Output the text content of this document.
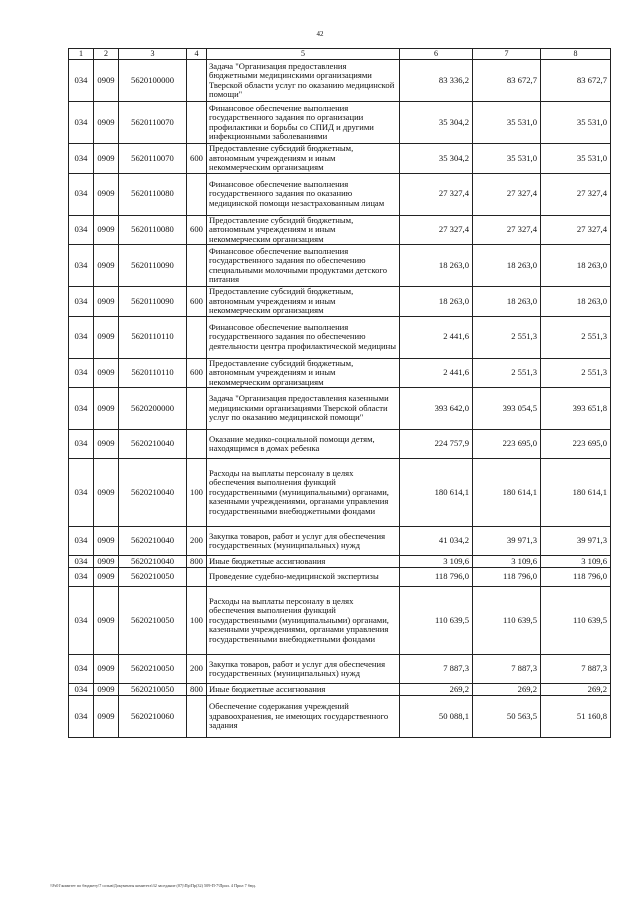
42
1	2	3	4	5	6	7	8
034	0909	5620100000		Задача "Организация предоставления бюджетными медицинскими организациями Тверской области услуг по оказанию медицинской помощи"	83 336,2	83 672,7	83 672,7
034	0909	5620110070		Финансовое обеспечение выполнения государственного задания по организации профилактики и борьбы со СПИД и другими инфекционными заболеваниями	35 304,2	35 531,0	35 531,0
034	0909	5620110070	600	Предоставление субсидий бюджетным, автономным учреждениям и иным некоммерческим организациям	35 304,2	35 531,0	35 531,0
034	0909	5620110080		Финансовое обеспечение выполнения государственного задания по оказанию медицинской помощи незастрахованным лицам	27 327,4	27 327,4	27 327,4
034	0909	5620110080	600	Предоставление субсидий бюджетным, автономным учреждениям и иным некоммерческим организациям	27 327,4	27 327,4	27 327,4
034	0909	5620110090		Финансовое обеспечение выполнения государственного задания по обеспечению специальными молочными продуктами детского питания	18 263,0	18 263,0	18 263,0
034	0909	5620110090	600	Предоставление субсидий бюджетным, автономным учреждениям и иным некоммерческим организациям	18 263,0	18 263,0	18 263,0
034	0909	5620110110		Финансовое обеспечение выполнения государственного задания по обеспечению деятельности центра профилактической медицины	2 441,6	2 551,3	2 551,3
034	0909	5620110110	600	Предоставление субсидий бюджетным, автономным учреждениям и иным некоммерческим организациям	2 441,6	2 551,3	2 551,3
034	0909	5620200000		Задача "Организация предоставления казенными медицинскими организациями Тверской области услуг по оказанию медицинской помощи"	393 642,0	393 054,5	393 651,8
034	0909	5620210040		Оказание медико-социальной помощи детям, находящимся в домах ребенка	224 757,9	223 695,0	223 695,0
034	0909	5620210040	100	Расходы на выплаты персоналу в целях обеспечения выполнения функций государственными (муниципальными) органами, казенными учреждениями, органами управления государственными внебюджетными фондами	180 614,1	180 614,1	180 614,1
034	0909	5620210040	200	Закупка товаров, работ и услуг для обеспечения государственных (муниципальных) нужд	41 034,2	39 971,3	39 971,3
034	0909	5620210040	800	Иные бюджетные ассигнования	3 109,6	3 109,6	3 109,6
034	0909	5620210050		Проведение судебно-медицинской экспертизы	118 796,0	118 796,0	118 796,0
034	0909	5620210050	100	Расходы на выплаты персоналу в целях обеспечения выполнения функций государственными (муниципальными) органами, казенными учреждениями, органами управления государственными внебюджетными фондами	110 639,5	110 639,5	110 639,5
034	0909	5620210050	200	Закупка товаров, работ и услуг для обеспечения государственных (муниципальных) нужд	7 887,3	7 887,3	7 887,3
034	0909	5620210050	800	Иные бюджетные ассигнования	269,2	269,2	269,2
034	0909	5620210060		Обеспечение содержания учреждений здравоохранения, не имеющих государственного задания	50 088,1	50 563,5	51 160,8
\\Fs01\комитет по бюджету\7 созыв\Документы комитета\32 заседание (07)\Пр\Пр(32) 509-П-7\Прил. 4 Прил 7 бюд.
